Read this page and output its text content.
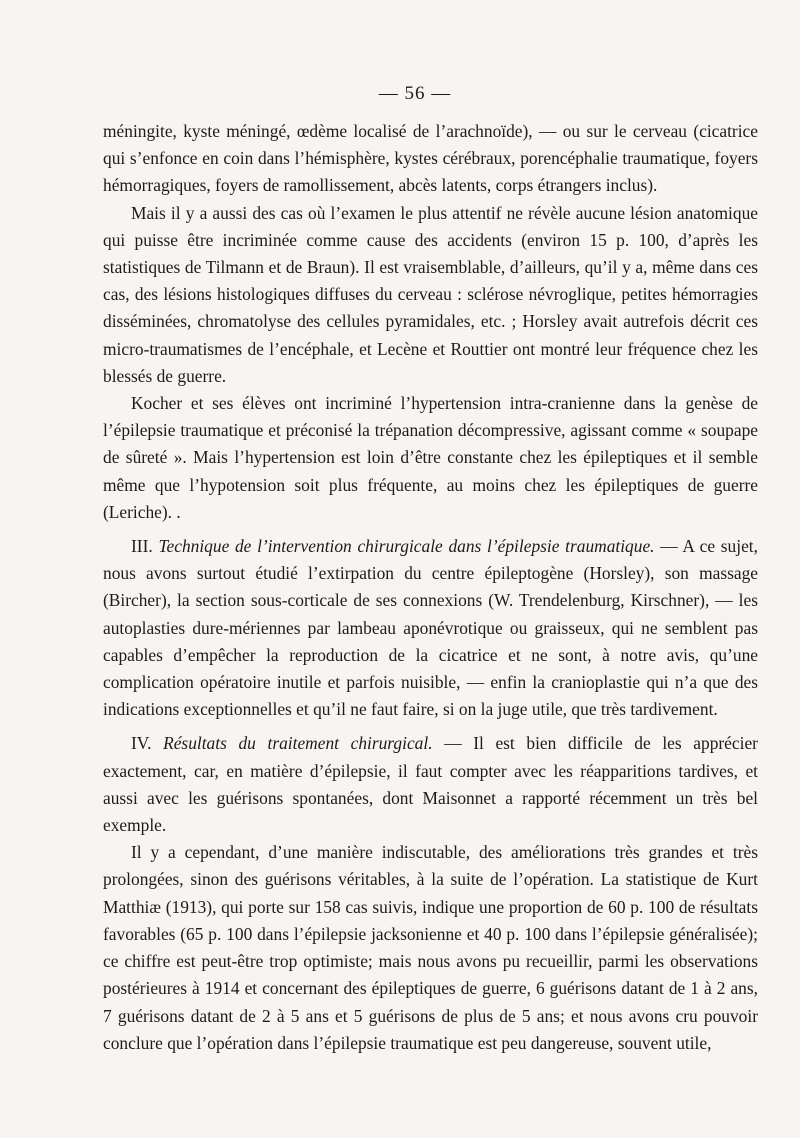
— 56 —

méningite, kyste méningé, œdème localisé de l’arachnoïde), — ou sur le cerveau (cicatrice qui s’enfonce en coin dans l’hémisphère, kystes cérébraux, porencéphalie traumatique, foyers hémorragiques, foyers de ramollissement, abcès latents, corps étrangers inclus).

Mais il y a aussi des cas où l’examen le plus attentif ne révèle aucune lésion anatomique qui puisse être incriminée comme cause des accidents (environ 15 p. 100, d’après les statistiques de Tilmann et de Braun). Il est vraisemblable, d’ailleurs, qu’il y a, même dans ces cas, des lésions histologiques diffuses du cerveau : sclérose névroglique, petites hémorragies disséminées, chromatolyse des cellules pyramidales, etc. ; Horsley avait autrefois décrit ces micro-traumatismes de l’encéphale, et Lecène et Routtier ont montré leur fréquence chez les blessés de guerre.

Kocher et ses élèves ont incriminé l’hypertension intra-cranienne dans la genèse de l’épilepsie traumatique et préconisé la trépanation décompressive, agissant comme « soupape de sûreté ». Mais l’hypertension est loin d’être constante chez les épileptiques et il semble même que l’hypotension soit plus fréquente, au moins chez les épileptiques de guerre (Leriche). .

III. Technique de l’intervention chirurgicale dans l’épilepsie traumatique. — A ce sujet, nous avons surtout étudié l’extirpation du centre épileptogène (Horsley), son massage (Bircher), la section sous-corticale de ses connexions (W. Trendelenburg, Kirschner), — les autoplasties dure-mériennes par lambeau aponévrotique ou graisseux, qui ne semblent pas capables d’empêcher la reproduction de la cicatrice et ne sont, à notre avis, qu’une complication opératoire inutile et parfois nuisible, — enfin la cranioplastie qui n’a que des indications exceptionnelles et qu’il ne faut faire, si on la juge utile, que très tardivement.

IV. Résultats du traitement chirurgical. — Il est bien difficile de les apprécier exactement, car, en matière d’épilepsie, il faut compter avec les réapparitions tardives, et aussi avec les guérisons spontanées, dont Maisonnet a rapporté récemment un très bel exemple.

Il y a cependant, d’une manière indiscutable, des améliorations très grandes et très prolongées, sinon des guérisons véritables, à la suite de l’opération. La statistique de Kurt Matthiæ (1913), qui porte sur 158 cas suivis, indique une proportion de 60 p. 100 de résultats favorables (65 p. 100 dans l’épilepsie jacksonienne et 40 p. 100 dans l’épilepsie généralisée); ce chiffre est peut-être trop optimiste; mais nous avons pu recueillir, parmi les observations postérieures à 1914 et concernant des épileptiques de guerre, 6 guérisons datant de 1 à 2 ans, 7 guérisons datant de 2 à 5 ans et 5 guérisons de plus de 5 ans; et nous avons cru pouvoir conclure que l’opération dans l’épilepsie traumatique est peu dangereuse, souvent utile,
